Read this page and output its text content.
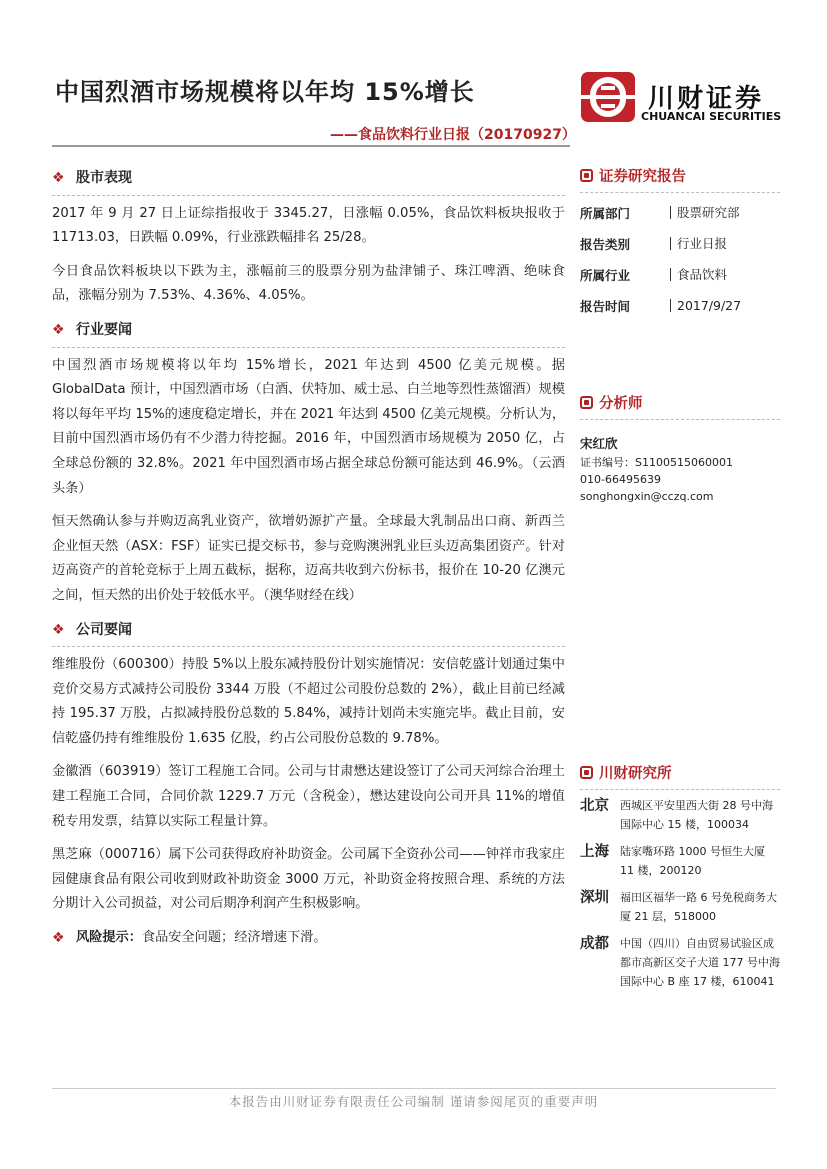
中国烈酒市场规模将以年均 15%增长
——食品饮料行业日报（20170927）
川财证券
CHUANCAI SECURITIES
❖ 股市表现

2017 年 9 月 27 日上证综指报收于 3345.27，日涨幅 0.05%，食品饮料板块报收于 11713.03，日跌幅 0.09%，行业涨跌幅排名 25/28。

今日食品饮料板块以下跌为主，涨幅前三的股票分别为盐津铺子、珠江啤酒、绝味食品，涨幅分别为 7.53%、4.36%、4.05%。

❖ 行业要闻

中国烈酒市场规模将以年均 15%增长，2021 年达到 4500 亿美元规模。据 GlobalData 预计，中国烈酒市场（白酒、伏特加、威士忌、白兰地等烈性蒸馏酒）规模将以每年平均 15%的速度稳定增长，并在 2021 年达到 4500 亿美元规模。分析认为，目前中国烈酒市场仍有不少潜力待挖掘。2016 年，中国烈酒市场规模为 2050 亿，占全球总份额的 32.8%。2021 年中国烈酒市场占据全球总份额可能达到 46.9%。（云酒头条）

恒天然确认参与并购迈高乳业资产，欲增奶源扩产量。全球最大乳制品出口商、新西兰企业恒天然（ASX：FSF）证实已提交标书，参与竞购澳洲乳业巨头迈高集团资产。针对迈高资产的首轮竞标于上周五截标，据称，迈高共收到六份标书，报价在 10-20 亿澳元之间，恒天然的出价处于较低水平。（澳华财经在线）

❖ 公司要闻

维维股份（600300）持股 5%以上股东减持股份计划实施情况：安信乾盛计划通过集中竞价交易方式减持公司股份 3344 万股（不超过公司股份总数的 2%），截止目前已经减持 195.37 万股，占拟减持股份总数的 5.84%，减持计划尚未实施完毕。截止目前，安信乾盛仍持有维维股份 1.635 亿股，约占公司股份总数的 9.78%。

金徽酒（603919）签订工程施工合同。公司与甘肃懋达建设签订了公司天河综合治理土建工程施工合同，合同价款 1229.7 万元（含税金），懋达建设向公司开具 11%的增值税专用发票，结算以实际工程量计算。

黑芝麻（000716）属下公司获得政府补助资金。公司属下全资孙公司——钟祥市我家庄园健康食品有限公司收到财政补助资金 3000 万元，补助资金将按照合理、系统的方法分期计入公司损益，对公司后期净利润产生积极影响。

❖ 风险提示： 食品安全问题；经济增速下滑。
证券研究报告
所属部门	股票研究部
报告类别	行业日报
所属行业	食品饮料
报告时间	2017/9/27
分析师
宋红欣
证书编号：S1100515060001
010-66495639
songhongxin@cczq.com
川财研究所
北京	西城区平安里西大街 28 号中海国际中心 15 楼，100034
上海	陆家嘴环路 1000 号恒生大厦 11 楼，200120
深圳	福田区福华一路 6 号免税商务大厦 21 层，518000
成都	中国（四川）自由贸易试验区成都市高新区交子大道 177 号中海国际中心 B 座 17 楼，610041
本报告由川财证券有限责任公司编制 谨请参阅尾页的重要声明
